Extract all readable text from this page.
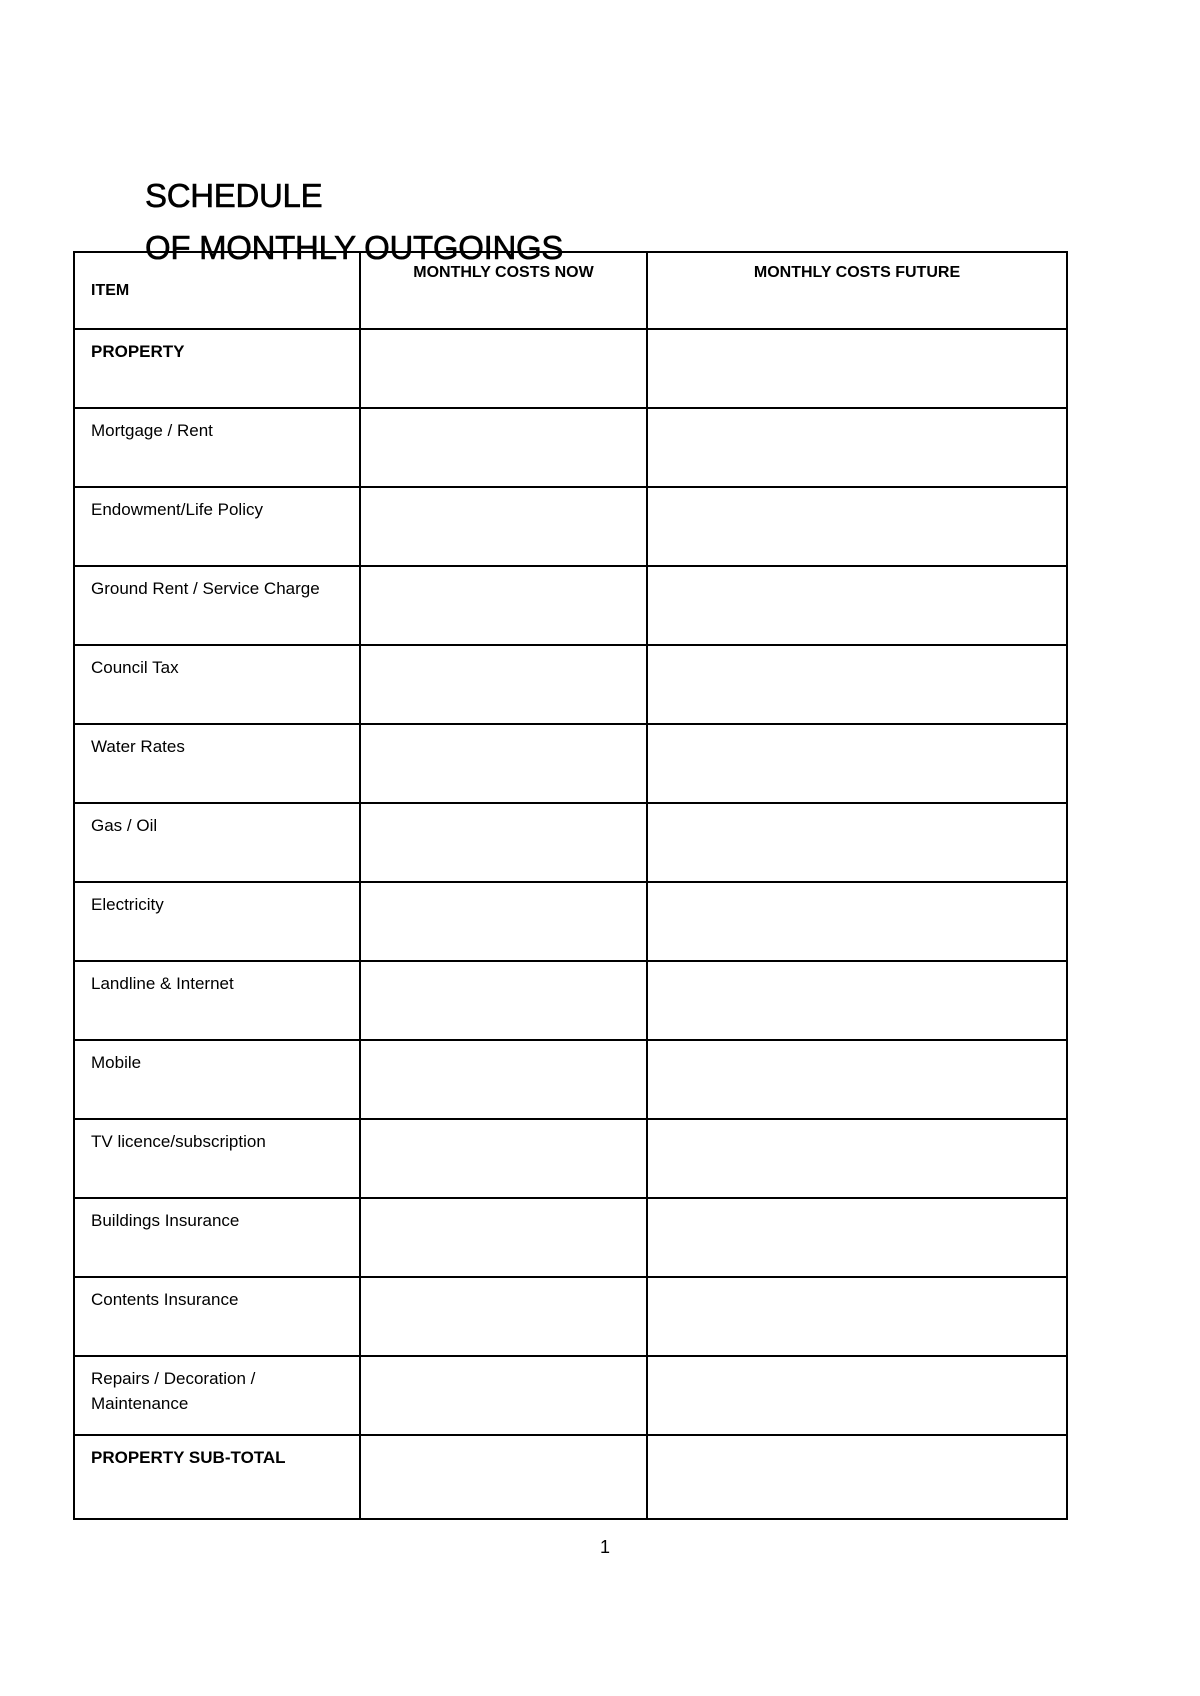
SCHEDULE
OF MONTHLY OUTGOINGS
ITEM	MONTHLY COSTS NOW	MONTHLY COSTS FUTURE
PROPERTY		
Mortgage / Rent		
Endowment/Life Policy		
Ground Rent / Service Charge		
Council Tax		
Water Rates		
Gas / Oil		
Electricity		
Landline & Internet		
Mobile		
TV licence/subscription		
Buildings Insurance		
Contents Insurance		
Repairs / Decoration / Maintenance		
PROPERTY SUB-TOTAL		
1
